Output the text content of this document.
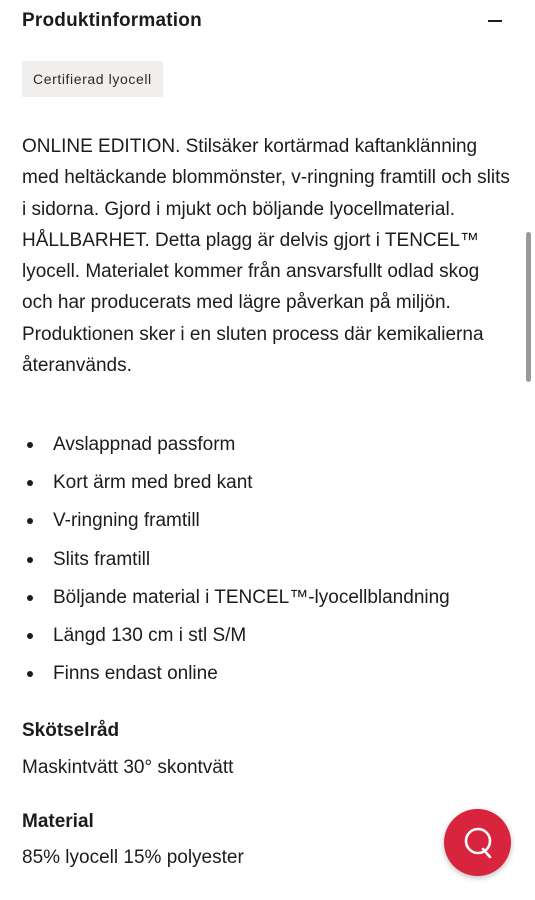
Produktinformation
Certifierad lyocell
ONLINE EDITION. Stilsäker kortärmad kaftanklänning med heltäckande blommönster, v-ringning framtill och slits i sidorna. Gjord i mjukt och böljande lyocellmaterial. HÅLLBARHET. Detta plagg är delvis gjort i TENCEL™ lyocell. Materialet kommer från ansvarsfullt odlad skog och har producerats med lägre påverkan på miljön. Produktionen sker i en sluten process där kemikalierna återanvänds.
Avslappnad passform
Kort ärm med bred kant
V-ringning framtill
Slits framtill
Böljande material i TENCEL™-lyocellblandning
Längd 130 cm i stl S/M
Finns endast online
Skötselråd
Maskintvätt 30° skontvätt
Material
85% lyocell 15% polyester
